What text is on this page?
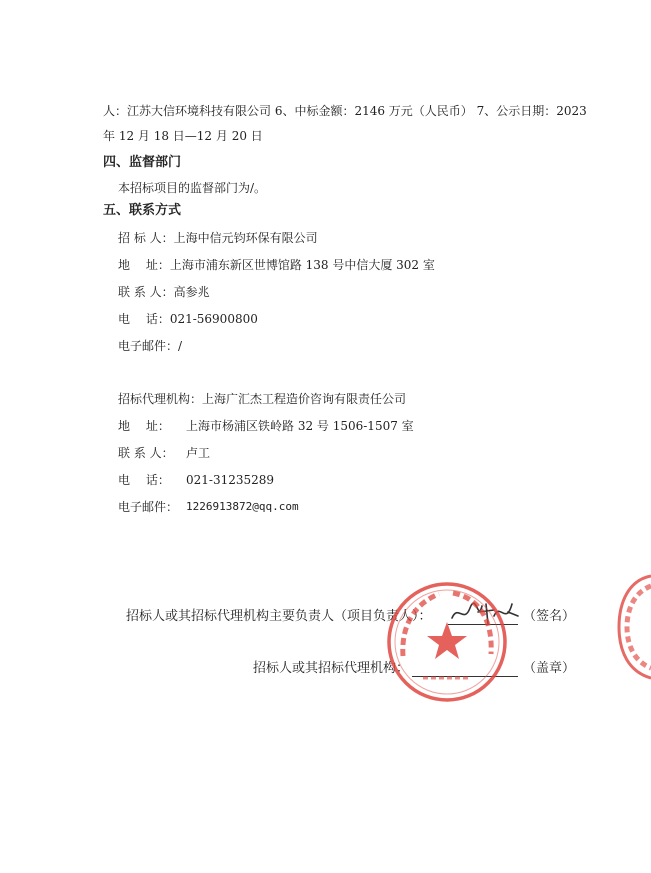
人：江苏大信环境科技有限公司 6、中标金额：2146 万元（人民币） 7、公示日期：2023
年 12 月 18 日—12 月 20 日
四、监督部门
本招标项目的监督部门为/。
五、联系方式
招 标 人：上海中信元钧环保有限公司
地　 址：上海市浦东新区世博馆路 138 号中信大厦 302 室
联 系 人：高参兆
电　 话：021-56900800
电子邮件：/
招标代理机构：上海广汇杰工程造价咨询有限责任公司
地　 址： 上海市杨浦区铁岭路 32 号 1506-1507 室
联 系 人： 卢工
电　 话： 021-31235289
电子邮件： 1226913872@qq.com
招标人或其招标代理机构主要负责人（项目负责人）：	（签名）
招标人或其招标代理机构：	（盖章）
